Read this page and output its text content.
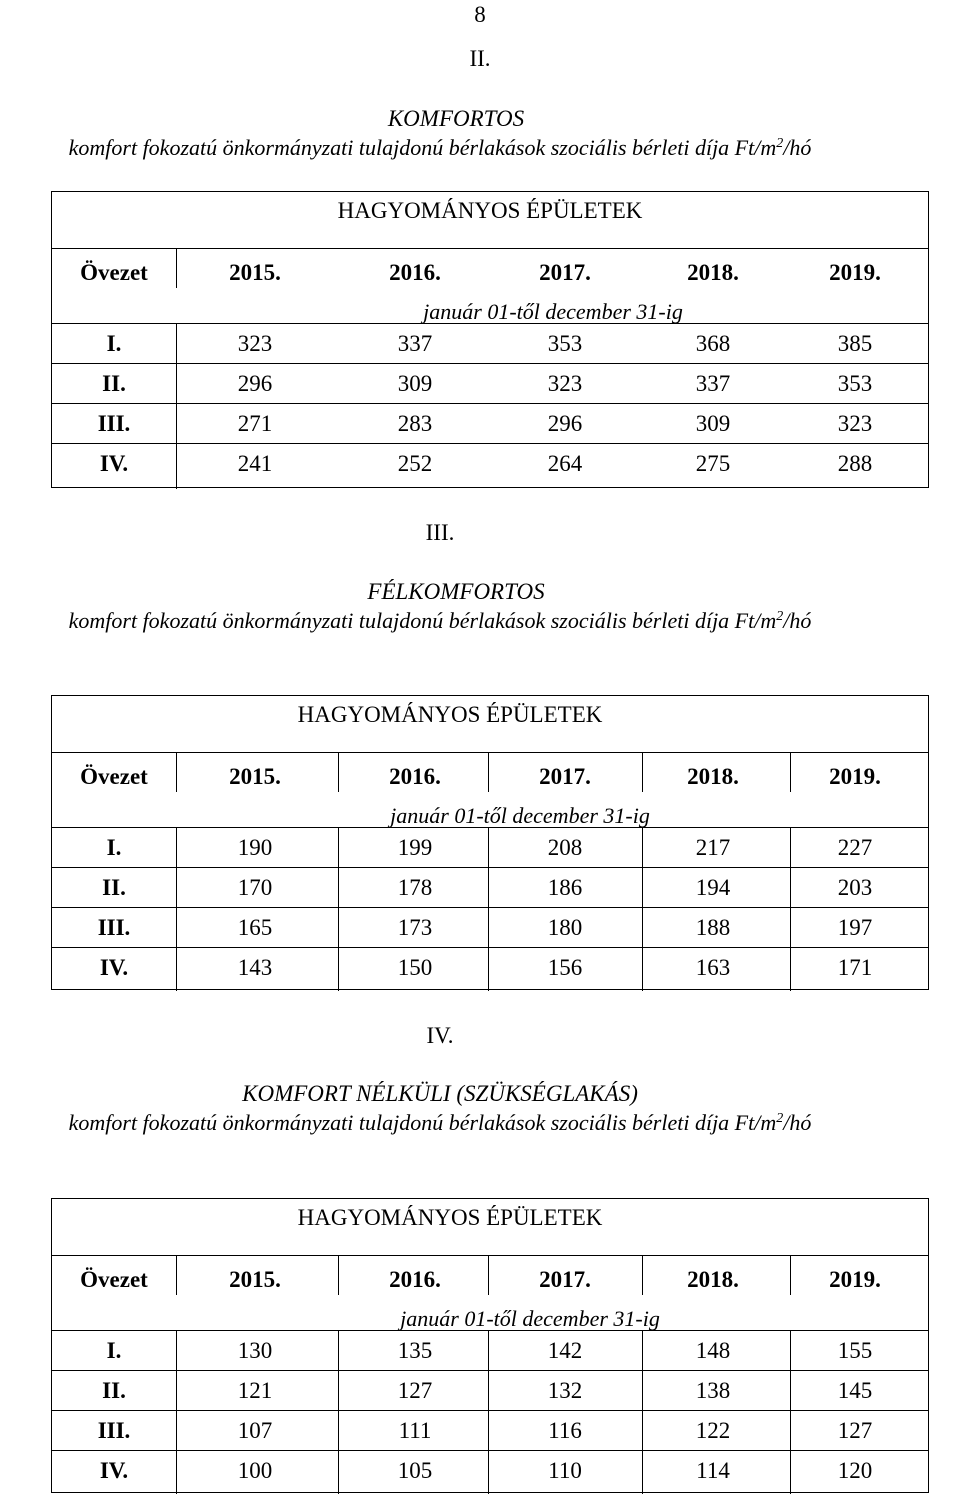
8
II.
KOMFORTOS
komfort fokozatú önkormányzati tulajdonú bérlakások szociális bérleti díja $Ft/m^2/hó$
HAGYOMÁNYOS ÉPÜLETEK
Övezet	2015.	2016.	2017.	2018.	2019.
január 01-től december 31-ig
I.	323	337	353	368	385
II.	296	309	323	337	353
III.	271	283	296	309	323
IV.	241	252	264	275	288
III.
FÉLKOMFORTOS
komfort fokozatú önkormányzati tulajdonú bérlakások szociális bérleti díja $Ft/m^2/hó$
HAGYOMÁNYOS ÉPÜLETEK
Övezet	2015.	2016.	2017.	2018.	2019.
január 01-től december 31-ig
I.	190	199	208	217	227
II.	170	178	186	194	203
III.	165	173	180	188	197
IV.	143	150	156	163	171
IV.
KOMFORT NÉLKÜLI (SZÜKSÉGLAKÁS)
komfort fokozatú önkormányzati tulajdonú bérlakások szociális bérleti díja $Ft/m^2/hó$
HAGYOMÁNYOS ÉPÜLETEK
Övezet	2015.	2016.	2017.	2018.	2019.
január 01-től december 31-ig
I.	130	135	142	148	155
II.	121	127	132	138	145
III.	107	111	116	122	127
IV.	100	105	110	114	120
